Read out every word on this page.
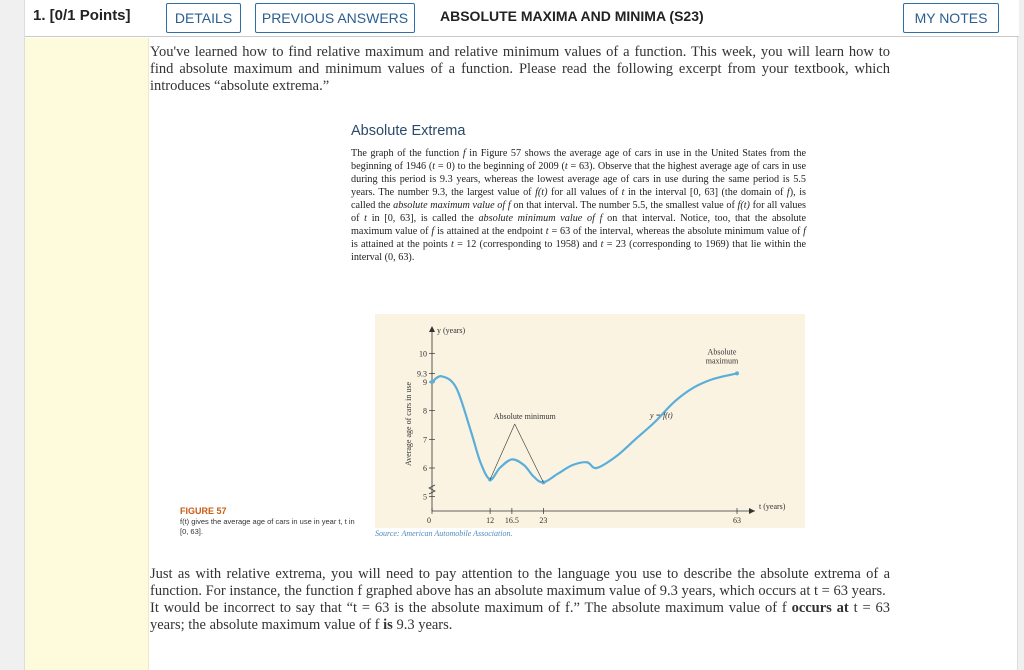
1. [0/1 Points]	DETAILS	PREVIOUS ANSWERS	ABSOLUTE MAXIMA AND MINIMA (S23)	MY NOTES
You've learned how to find relative maximum and relative minimum values of a function. This week, you will learn how to find absolute maximum and minimum values of a function. Please read the following excerpt from your textbook, which introduces “absolute extrema.”
Absolute Extrema
The graph of the function f in Figure 57 shows the average age of cars in use in the United States from the beginning of 1946 (t = 0) to the beginning of 2009 (t = 63). Observe that the highest average age of cars in use during this period is 9.3 years, whereas the lowest average age of cars in use during the same period is 5.5 years. The number 9.3, the largest value of f(t) for all values of t in the interval [0, 63] (the domain of f), is called the absolute maximum value of f on that interval. The number 5.5, the smallest value of f(t) for all values of t in [0, 63], is called the absolute minimum value of f on that interval. Notice, too, that the absolute maximum value of f is attained at the endpoint t = 63 of the interval, whereas the absolute minimum value of f is attained at the points t = 12 (corresponding to 1958) and t = 23 (corresponding to 1969) that lie within the interval (0, 63).
0	12 16.5	23	63
5
6
7
8
9
9.3
10
y (years)
t (years)
Average age of cars in use
Absolute
maximum
Absolute minimum	y = f(t)
FIGURE 57
f(t) gives the average age of cars in use in year t, t in [0, 63].	Source: American Automobile Association.

Just as with relative extrema, you will need to pay attention to the language you use to describe the absolute extrema of a function. For instance, the function f graphed above has an absolute maximum value of 9.3 years, which occurs at t = 63 years.

It would be incorrect to say that “t = 63 is the absolute maximum of f.” The absolute maximum value of f occurs at t = 63 years; the absolute maximum value of f is 9.3 years.
